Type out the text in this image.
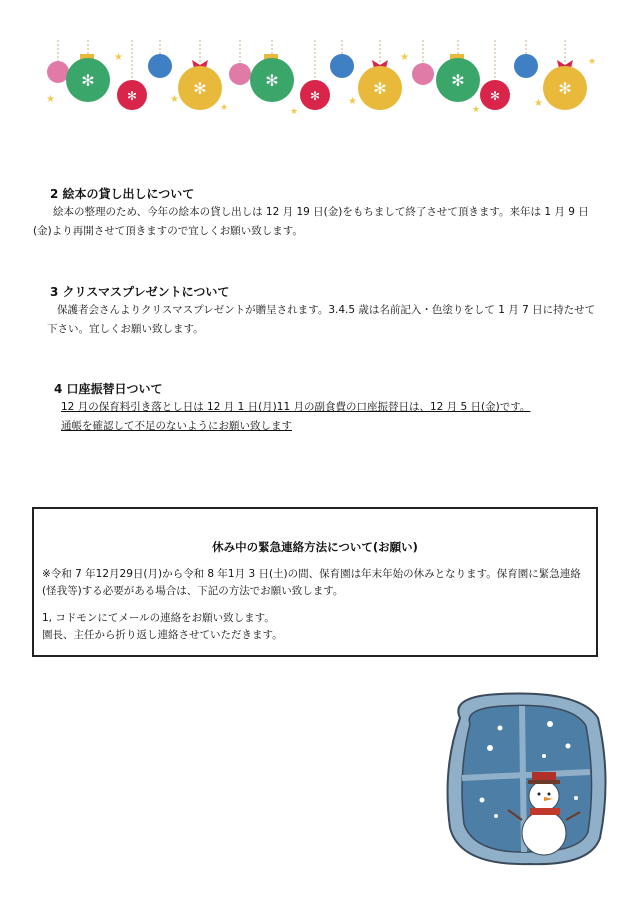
✻
✻	✻	✻
✻	✻	✻
✻	✻
★
★
★
★	★
★
★
★
★
★
2 絵本の貸し出しについて

絵本の整理のため、今年の絵本の貸し出しは 12 月 19 日(金)をもちまして終了させて頂きます。来年は 1 月 9 日(金)より再開させて頂きますので宜しくお願い致します。

3 クリスマスプレゼントについて

保護者会さんよりクリスマスプレゼントが贈呈されます。3.4.5 歳は名前記入・色塗りをして 1 月 7 日に持たせて下さい。宜しくお願い致します。

4 口座振替日ついて
12 月の保育料引き落とし日は 12 月 1 日(月)11 月の副食費の口座振替日は、12 月 5 日(金)です。
通帳を確認して不足のないようにお願い致します
休み中の緊急連絡方法について(お願い)

※令和 7 年12月29日(月)から令和 8 年1月 3 日(土)の間、保育園は年末年始の休みとなります。保育園に緊急連絡(怪我等)する必要がある場合は、下記の方法でお願い致します。

1, コドモンにてメールの連絡をお願い致します。

園長、主任から折り返し連絡させていただきます。
